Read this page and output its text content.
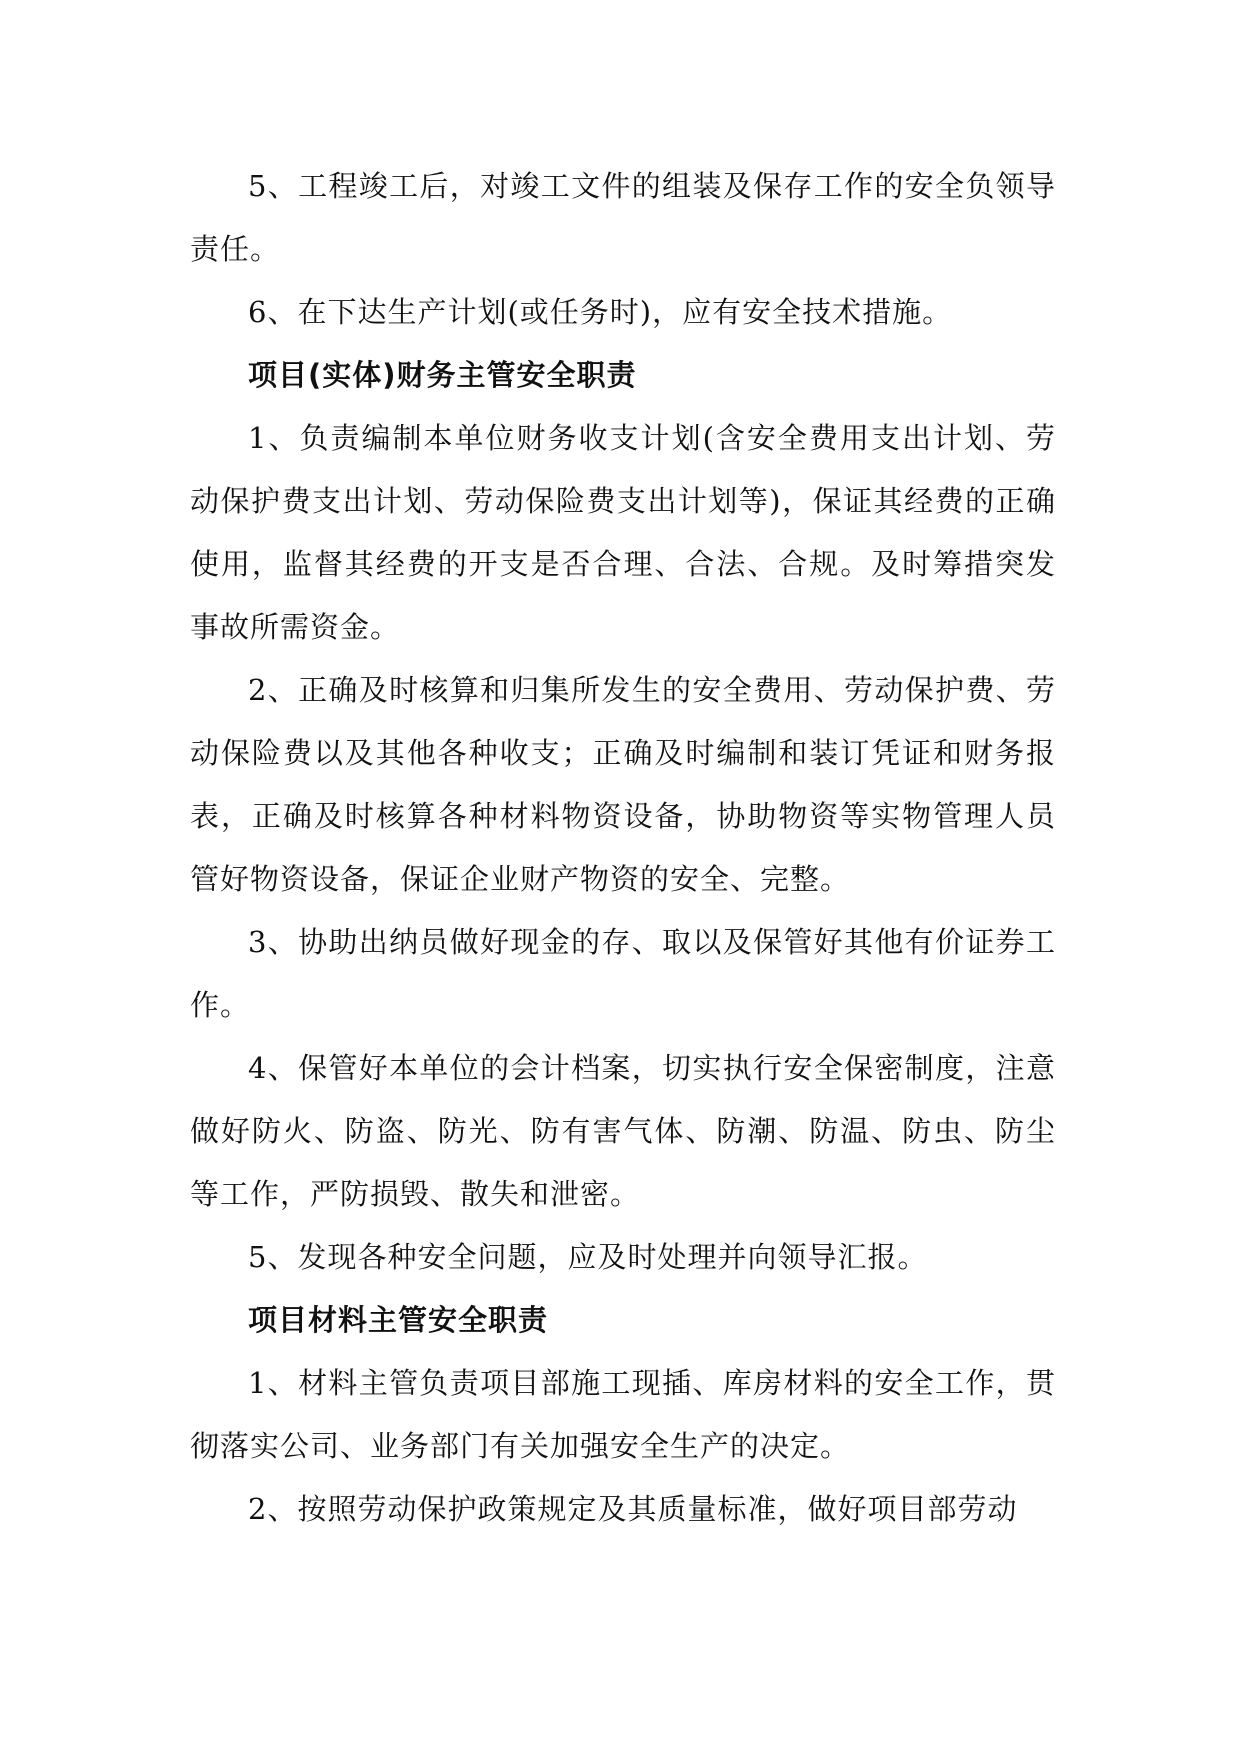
5、工程竣工后，对竣工文件的组装及保存工作的安全负领导责任。

6、在下达生产计划(或任务时)，应有安全技术措施。

项目(实体)财务主管安全职责

1、负责编制本单位财务收支计划(含安全费用支出计划、劳动保护费支出计划、劳动保险费支出计划等)，保证其经费的正确使用，监督其经费的开支是否合理、合法、合规。及时筹措突发事故所需资金。

2、正确及时核算和归集所发生的安全费用、劳动保护费、劳动保险费以及其他各种收支；正确及时编制和装订凭证和财务报表，正确及时核算各种材料物资设备，协助物资等实物管理人员管好物资设备，保证企业财产物资的安全、完整。

3、协助出纳员做好现金的存、取以及保管好其他有价证券工作。

4、保管好本单位的会计档案，切实执行安全保密制度，注意做好防火、防盗、防光、防有害气体、防潮、防温、防虫、防尘等工作，严防损毁、散失和泄密。

5、发现各种安全问题，应及时处理并向领导汇报。

项目材料主管安全职责

1、材料主管负责项目部施工现插、库房材料的安全工作，贯彻落实公司、业务部门有关加强安全生产的决定。

2、按照劳动保护政策规定及其质量标准，做好项目部劳动
